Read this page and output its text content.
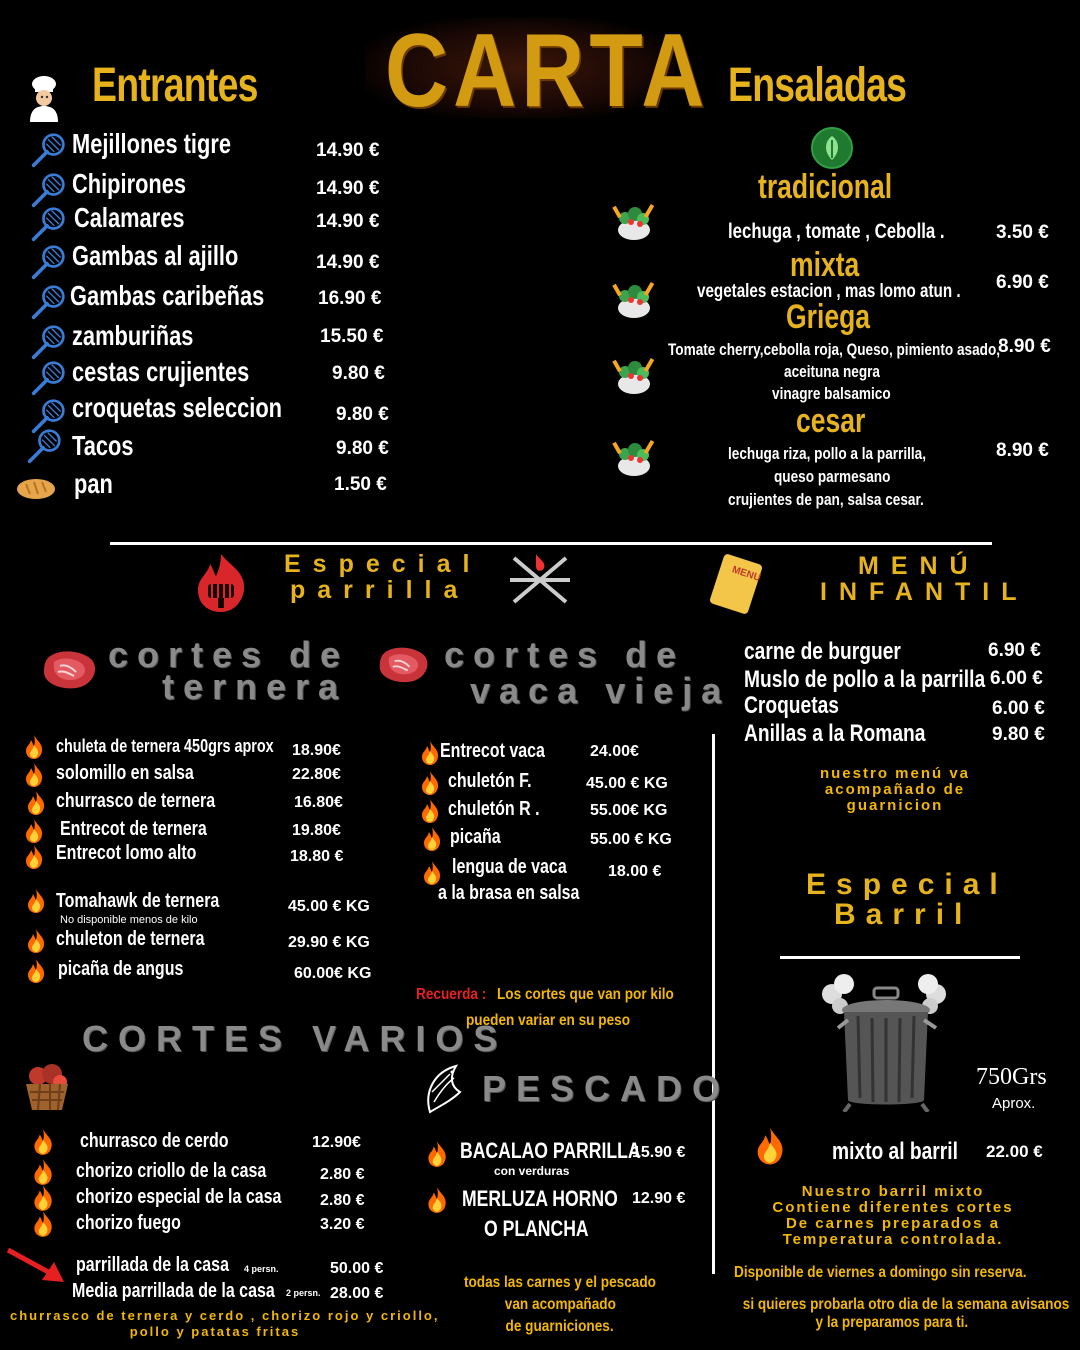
CARTA
Entrantes
Mejillones tigre	14.90 €
Chipirones	14.90 €
Calamares	14.90 €
Gambas al ajillo	14.90 €
Gambas caribeñas	16.90 €
zamburiñas	15.50 €
cestas crujientes	9.80 €
croquetas seleccion	9.80 €
Tacos	9.80 €
pan	1.50 €
Ensaladas
tradicional
lechuga , tomate , Cebolla .	3.50 €
mixta
vegetales estacion , mas lomo atun . 6.90 €
Griega
Tomate cherry,cebolla roja, Queso, pimiento asado,
aceituna negra
vinagre balsamico
8.90 €
cesar
lechuga riza, pollo a la parrilla,
queso parmesano
crujientes de pan, salsa cesar.
8.90 €
Especial
parrilla
MENU	MENÚ
INFANTIL
cortes de
ternera
cortes de
vaca vieja
carne de burguer	6.90 €
Muslo de pollo a la parrilla 6.00 €
Croquetas	6.00 €
Anillas a la Romana	9.80 €
nuestro menú va
acompañado de
guarnicion
chuleta de ternera 450grs aprox 18.90€
solomillo en salsa	22.80€
churrasco de ternera	16.80€
Entrecot de ternera	19.80€
Entrecot lomo alto	18.80 €
Tomahawk de ternera
No disponible menos de kilo
45.00 € KG
chuleton de ternera	29.90 € KG
picaña de angus	60.00€ KG
Entrecot vaca	24.00€
chuletón F.	45.00 € KG
chuletón R .	55.00€ KG
picaña	55.00 € KG
lengua de vaca
a la brasa en salsa
18.00 €
Recuerda : Los cortes que van por kilo
pueden variar en su peso
Especial
Barril
750Grs
Aprox.
mixto al barril 22.00 €
Nuestro barril mixto
Contiene diferentes cortes
De carnes preparados a
Temperatura controlada.
Disponible de viernes a domingo sin reserva.
si quieres probarla otro dia de la semana avisanos
y la preparamos para ti.
CORTES VARIOS
churrasco de cerdo	12.90€
chorizo criollo de la casa	2.80 €
chorizo especial de la casa 2.80 €
chorizo fuego	3.20 €
parrillada de la casa 4 persn.	50.00 €
Media parrillada de la casa 2 persn. 28.00 €
churrasco de ternera y cerdo , chorizo rojo y criollo,
pollo y patatas fritas
PESCADO
BACALAO PARRILLA
con verduras
15.90 €
MERLUZA HORNO
O PLANCHA
12.90 €
todas las carnes y el pescado
van acompañado
de guarniciones.
